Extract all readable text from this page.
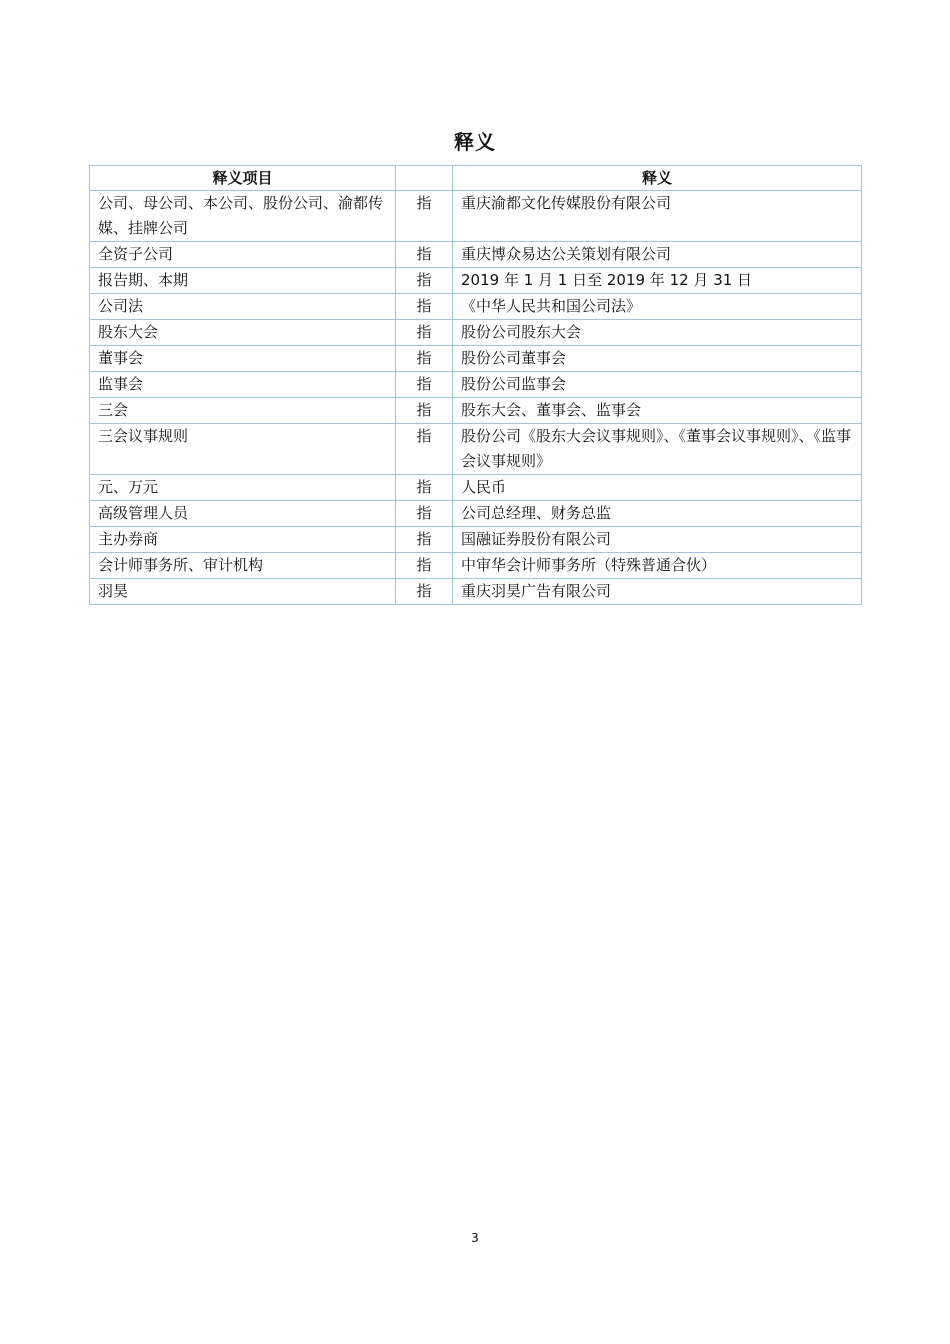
释义
释义项目		释义
公司、母公司、本公司、股份公司、渝都传媒、挂牌公司	指	重庆渝都文化传媒股份有限公司
全资子公司	指	重庆博众易达公关策划有限公司
报告期、本期	指	2019 年 1 月 1 日至 2019 年 12 月 31 日
公司法	指	《中华人民共和国公司法》
股东大会	指	股份公司股东大会
董事会	指	股份公司董事会
监事会	指	股份公司监事会
三会	指	股东大会、董事会、监事会
三会议事规则	指	股份公司《股东大会议事规则》、《董事会议事规则》、《监事会议事规则》
元、万元	指	人民币
高级管理人员	指	公司总经理、财务总监
主办券商	指	国融证券股份有限公司
会计师事务所、审计机构	指	中审华会计师事务所（特殊普通合伙）
羽昊	指	重庆羽昊广告有限公司
3
